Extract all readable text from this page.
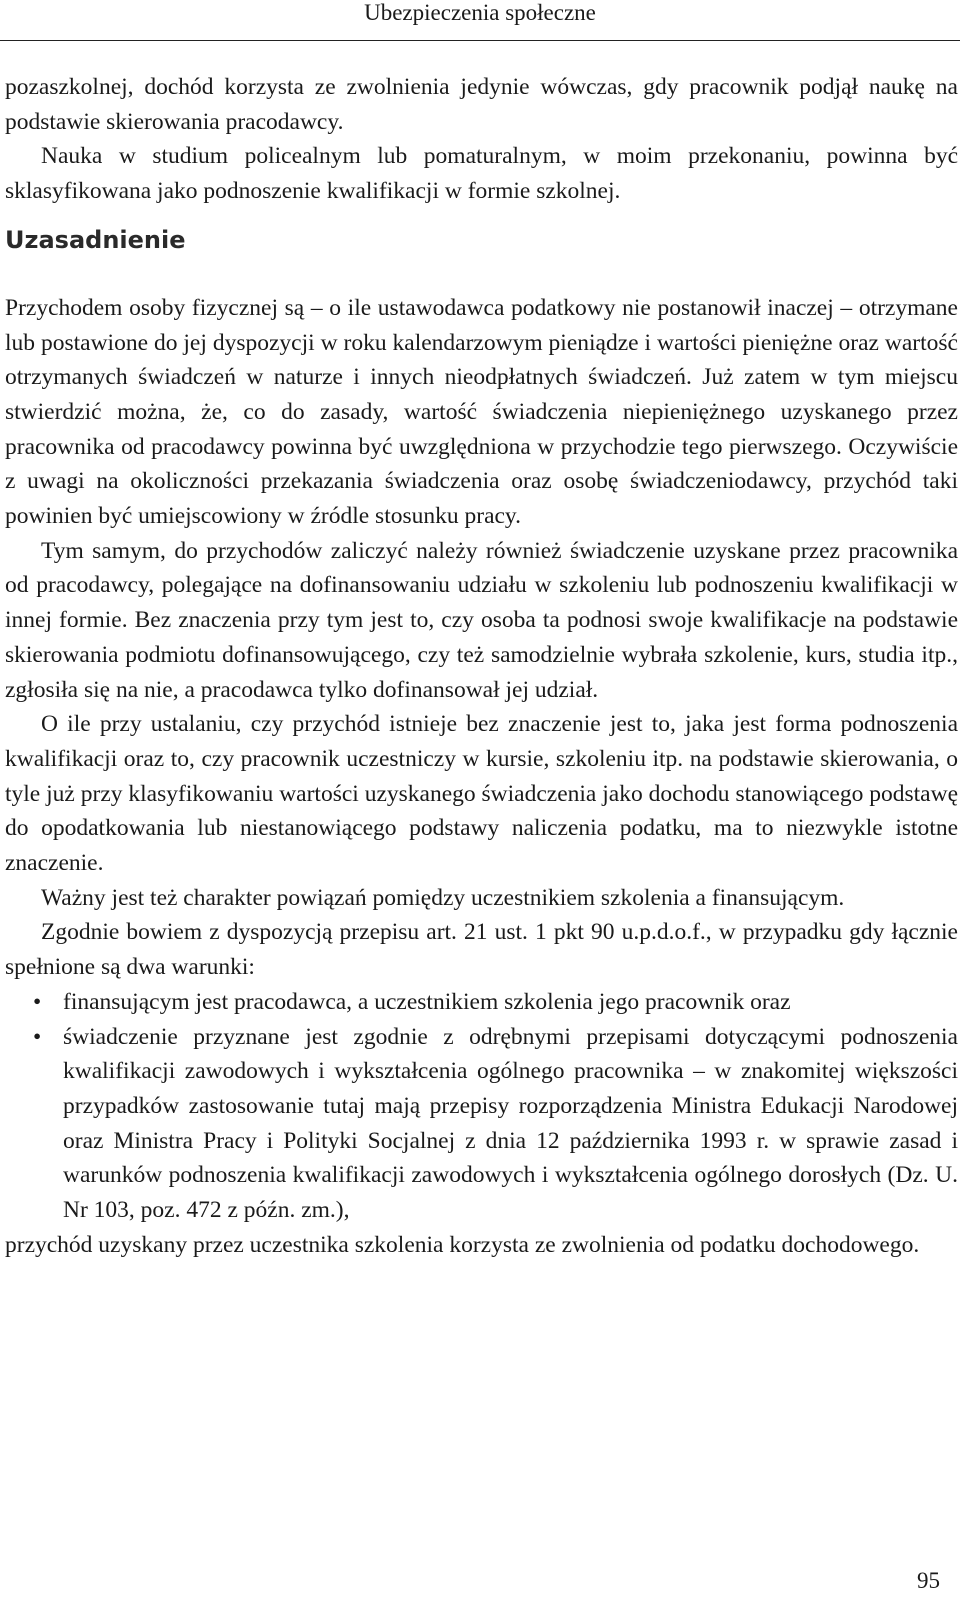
Ubezpieczenia społeczne

pozaszkolnej, dochód korzysta ze zwolnienia jedynie wówczas, gdy pracownik podjął naukę na podstawie skierowania pracodawcy.

Nauka w studium policealnym lub pomaturalnym, w moim przekonaniu, powinna być sklasyfikowana jako podnoszenie kwalifikacji w formie szkolnej.

Uzasadnienie

Przychodem osoby fizycznej są – o ile ustawodawca podatkowy nie postanowił inaczej – otrzymane lub postawione do jej dyspozycji w roku kalendarzowym pieniądze i wartości pieniężne oraz wartość otrzymanych świadczeń w naturze i innych nieodpłatnych świadczeń. Już zatem w tym miejscu stwierdzić można, że, co do zasady, wartość świadczenia niepieniężnego uzyskanego przez pracownika od pracodawcy powinna być uwzględniona w przychodzie tego pierwszego. Oczywiście z uwagi na okoliczności przekazania świadczenia oraz osobę świadczeniodawcy, przychód taki powinien być umiejscowiony w źródle stosunku pracy.

Tym samym, do przychodów zaliczyć należy również świadczenie uzyskane przez pracownika od pracodawcy, polegające na dofinansowaniu udziału w szkoleniu lub podnoszeniu kwalifikacji w innej formie. Bez znaczenia przy tym jest to, czy osoba ta podnosi swoje kwalifikacje na podstawie skierowania podmiotu dofinansowującego, czy też samodzielnie wybrała szkolenie, kurs, studia itp., zgłosiła się na nie, a pracodawca tylko dofinansował jej udział.

O ile przy ustalaniu, czy przychód istnieje bez znaczenie jest to, jaka jest forma podnoszenia kwalifikacji oraz to, czy pracownik uczestniczy w kursie, szkoleniu itp. na podstawie skierowania, o tyle już przy klasyfikowaniu wartości uzyskanego świadczenia jako dochodu stanowiącego podstawę do opodatkowania lub niestanowiącego podstawy naliczenia podatku, ma to niezwykle istotne znaczenie.

Ważny jest też charakter powiązań pomiędzy uczestnikiem szkolenia a finansującym.

Zgodnie bowiem z dyspozycją przepisu art. 21 ust. 1 pkt 90 u.p.d.o.f., w przypadku gdy łącznie spełnione są dwa warunki:

• finansującym jest pracodawca, a uczestnikiem szkolenia jego pracownik oraz
• świadczenie przyznane jest zgodnie z odrębnymi przepisami dotyczącymi podnoszenia kwalifikacji zawodowych i wykształcenia ogólnego pracownika – w znakomitej większości przypadków zastosowanie tutaj mają przepisy rozporządzenia Ministra Edukacji Narodowej oraz Ministra Pracy i Polityki Socjalnej z dnia 12 października 1993 r. w sprawie zasad i warunków podnoszenia kwalifikacji zawodowych i wykształcenia ogólnego dorosłych (Dz. U. Nr 103, poz. 472 z późn. zm.),

przychód uzyskany przez uczestnika szkolenia korzysta ze zwolnienia od podatku dochodowego.

95
